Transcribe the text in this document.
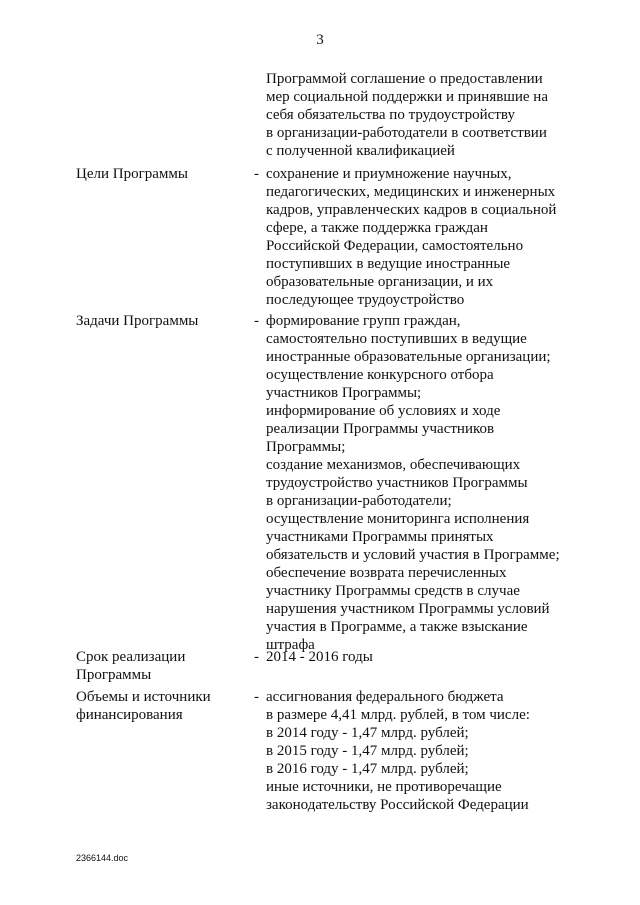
3
Программой соглашение о предоставлении
мер социальной поддержки и принявшие на
себя обязательства по трудоустройству
в организации-работодатели в соответствии
с полученной квалификацией
Цели Программы	- сохранение и приумножение научных,
педагогических, медицинских и инженерных
кадров, управленческих кадров в социальной
сфере, а также поддержка граждан
Российской Федерации, самостоятельно
поступивших в ведущие иностранные
образовательные организации, и их
последующее трудоустройство
Задачи Программы	- формирование групп граждан,
самостоятельно поступивших в ведущие
иностранные образовательные организации;
осуществление конкурсного отбора
участников Программы;
информирование об условиях и ходе
реализации Программы участников
Программы;
создание механизмов, обеспечивающих
трудоустройство участников Программы
в организации-работодатели;
осуществление мониторинга исполнения
участниками Программы принятых
обязательств и условий участия в Программе;
обеспечение возврата перечисленных
участнику Программы средств в случае
нарушения участником Программы условий
участия в Программе, а также взыскание
штрафа
Срок реализации
Программы
- 2014 - 2016 годы
Объемы и источники
финансирования
- ассигнования федерального бюджета
в размере 4,41 млрд. рублей, в том числе:
в 2014 году - 1,47 млрд. рублей;
в 2015 году - 1,47 млрд. рублей;
в 2016 году - 1,47 млрд. рублей;
иные источники, не противоречащие
законодательству Российской Федерации
2366144.doc
